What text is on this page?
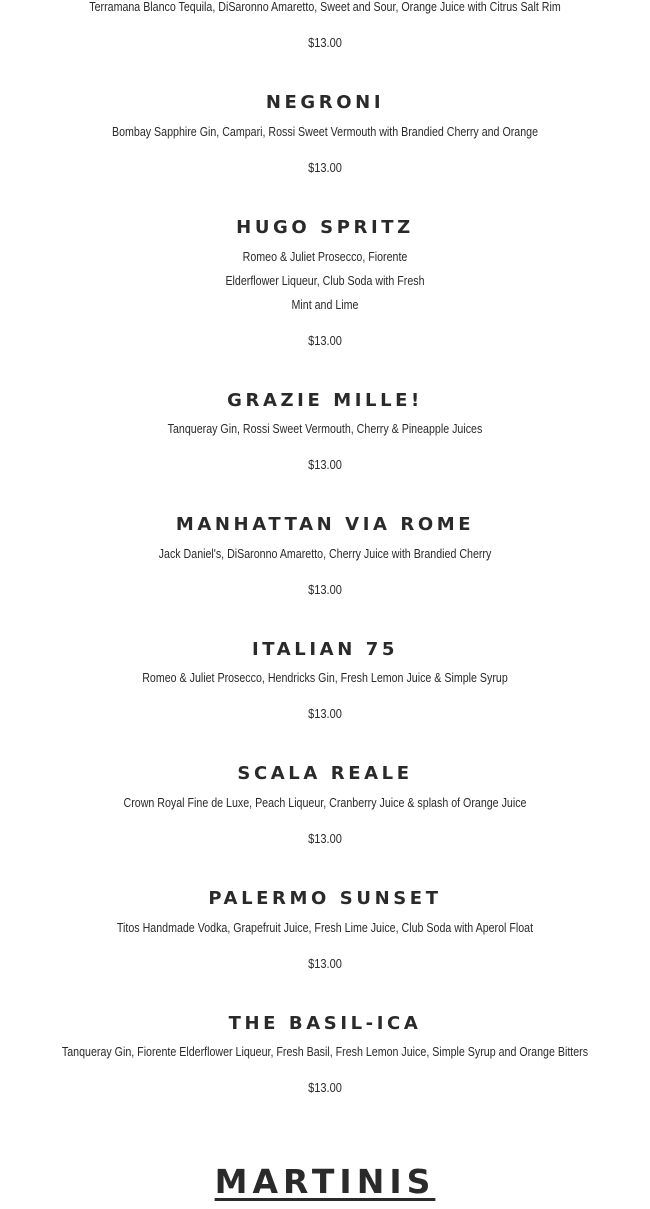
Terramana Blanco Tequila, DiSaronno Amaretto, Sweet and Sour, Orange Juice with Citrus Salt Rim
$13.00
NEGRONI
Bombay Sapphire Gin, Campari, Rossi Sweet Vermouth with Brandied Cherry and Orange
$13.00
HUGO SPRITZ
Romeo & Juliet Prosecco, Fiorente
Elderflower Liqueur, Club Soda with Fresh
Mint and Lime
$13.00
GRAZIE MILLE!
Tanqueray Gin, Rossi Sweet Vermouth, Cherry & Pineapple Juices
$13.00
MANHATTAN VIA ROME
Jack Daniel's, DiSaronno Amaretto, Cherry Juice with Brandied Cherry
$13.00
ITALIAN 75
Romeo & Juliet Prosecco, Hendricks Gin, Fresh Lemon Juice & Simple Syrup
$13.00
SCALA REALE
Crown Royal Fine de Luxe, Peach Liqueur, Cranberry Juice & splash of Orange Juice
$13.00
PALERMO SUNSET
Titos Handmade Vodka, Grapefruit Juice, Fresh Lime Juice, Club Soda with Aperol Float
$13.00
THE BASIL-ICA
Tanqueray Gin, Fiorente Elderflower Liqueur, Fresh Basil, Fresh Lemon Juice, Simple Syrup and Orange Bitters
$13.00
MARTINIS
